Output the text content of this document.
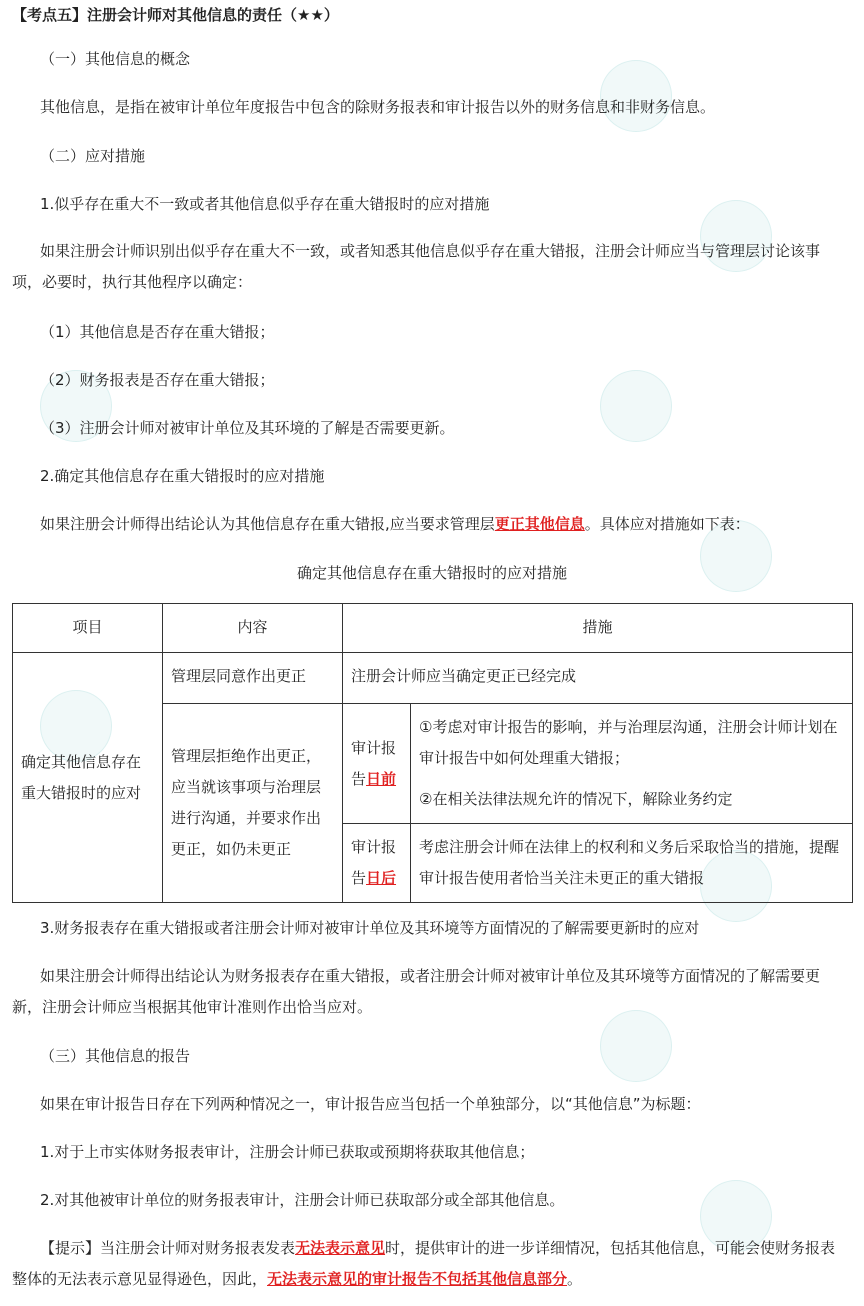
【考点五】注册会计师对其他信息的责任（★★）
（一）其他信息的概念
其他信息，是指在被审计单位年度报告中包含的除财务报表和审计报告以外的财务信息和非财务信息。
（二）应对措施
1.似乎存在重大不一致或者其他信息似乎存在重大错报时的应对措施
如果注册会计师识别出似乎存在重大不一致，或者知悉其他信息似乎存在重大错报，注册会计师应当与管理层讨论该事项，必要时，执行其他程序以确定：
（1）其他信息是否存在重大错报；
（2）财务报表是否存在重大错报；
（3）注册会计师对被审计单位及其环境的了解是否需要更新。
2.确定其他信息存在重大错报时的应对措施
如果注册会计师得出结论认为其他信息存在重大错报,应当要求管理层更正其他信息。具体应对措施如下表：
确定其他信息存在重大错报时的应对措施
项目	内容	措施	
确定其他信息存在重大错报时的应对	管理层同意作出更正	注册会计师应当确定更正已经完成	
	管理层拒绝作出更正，应当就该事项与治理层进行沟通，并要求作出更正，如仍未更正	审计报告日前	①考虑对审计报告的影响，并与治理层沟通，注册会计师计划在审计报告中如何处理重大错报；
②在相关法律法规允许的情况下，解除业务约定

		审计报告日后	考虑注册会计师在法律上的权利和义务后采取恰当的措施，提醒审计报告使用者恰当关注未更正的重大错报
3.财务报表存在重大错报或者注册会计师对被审计单位及其环境等方面情况的了解需要更新时的应对
如果注册会计师得出结论认为财务报表存在重大错报，或者注册会计师对被审计单位及其环境等方面情况的了解需要更新，注册会计师应当根据其他审计准则作出恰当应对。
（三）其他信息的报告
如果在审计报告日存在下列两种情况之一，审计报告应当包括一个单独部分，以“其他信息”为标题：
1.对于上市实体财务报表审计，注册会计师已获取或预期将获取其他信息；
2.对其他被审计单位的财务报表审计，注册会计师已获取部分或全部其他信息。
【提示】当注册会计师对财务报表发表无法表示意见时，提供审计的进一步详细情况，包括其他信息，可能会使财务报表整体的无法表示意见显得逊色，因此，无法表示意见的审计报告不包括其他信息部分。
